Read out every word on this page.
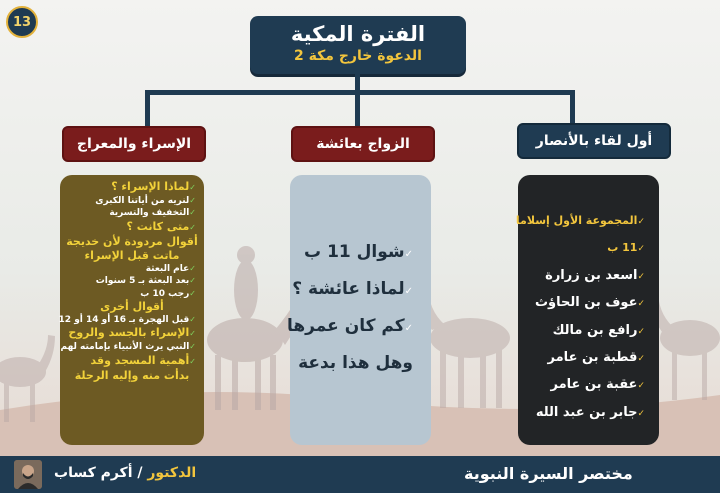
13	الفترة المكية
الدعوة خارج مكة 2
الإسراء والمعراج	الزواج بعائشة	أول لقاء بالأنصار
✓ لماذا الإسراء ؟
✓ لنريه من أياتنا الكبرى
✓ التخفيف والتسرية
✓ متى كانت ؟
أقوال مردودة لأن خديجة
ماتت قبل الإسراء
✓ عام البعثة
✓ بعد البعثة بـ 5 سنوات
✓ رجب 10 ب
أقوال أخرى
✓ قبل الهجرة بـ 16 أو 14 أو 12
✓ الإسراء بالجسد والروح
✓ النبي يرث الأنبياء بإمامته لهم
✓ أهمية المسجد وقد
بدأت منه وإليه الرحلة
✓ شوال 11 ب
✓ لماذا عائشة ؟
✓ كم كان عمرها
وهل هذا بدعة
✓ المجموعة الأول إسلاما
✓ 11 ب
✓ اسعد بن زرارة
✓ عوف بن الحاؤث
✓ رافع بن مالك
✓ قطبة بن عامر
✓ عقبة بن عامر
✓ جابر بن عبد الله
الدكتور / أكرم كساب	مختصر السيرة النبوية
